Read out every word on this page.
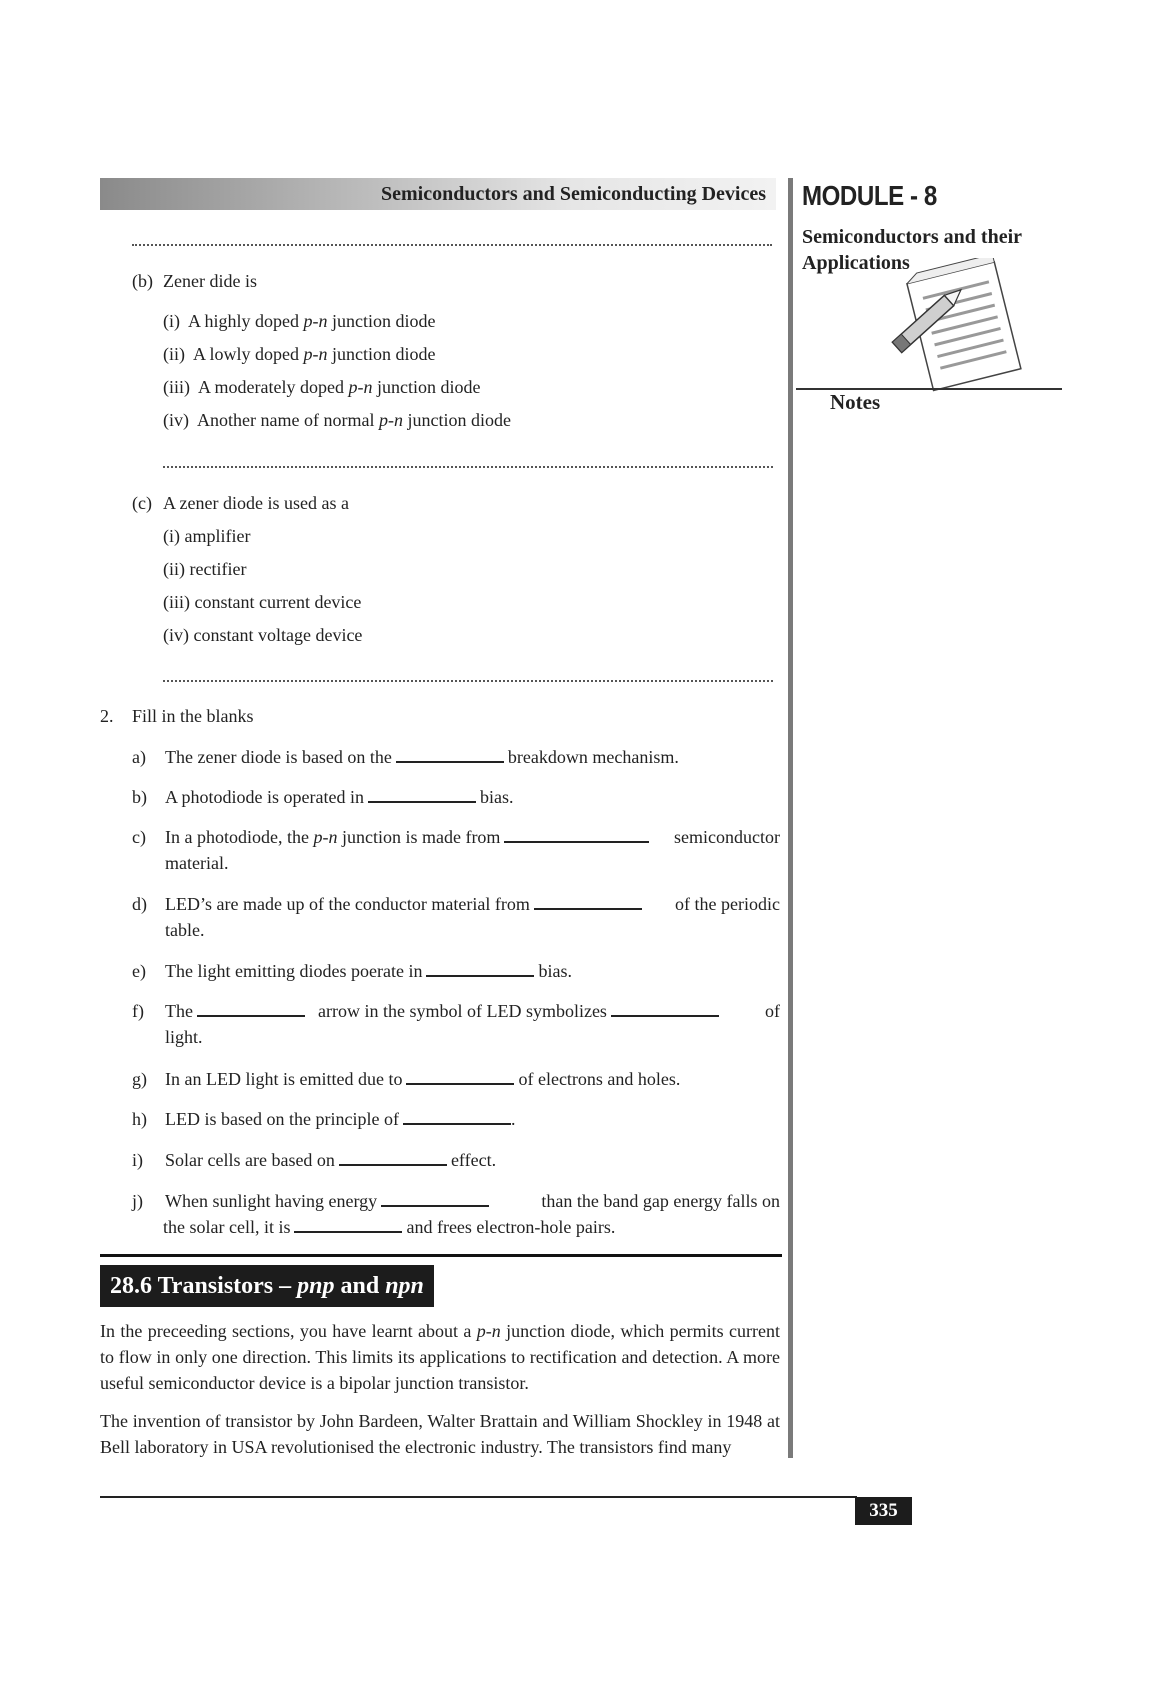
Semiconductors and Semiconducting Devices	MODULE - 8
Semiconductors and their
Applications
Notes
(b) Zener dide is
(i) A highly doped p-n junction diode
(ii) A lowly doped p-n junction diode
(iii) A moderately doped p-n junction diode
(iv) Another name of normal p-n junction diode
(c) A zener diode is used as a
(i) amplifier
(ii) rectifier
(iii) constant current device
(iv) constant voltage device
2. Fill in the blanks
a) The zener diode is based on the	breakdown mechanism.
b) A photodiode is operated in	bias.
c) In a photodiode, the p-n junction is made from	semiconductor
material.
d) LED’s are made up of the conductor material from	of the periodic
table.
e) The light emitting diodes poerate in	bias.
f) The	arrow in the symbol of LED symbolizes	of
light.
g) In an LED light is emitted due to	of electrons and holes.
h) LED is based on the principle of	.
i) Solar cells are based on	effect.
j) When sunlight having energy	than the band gap energy falls on
the solar cell, it is	and frees electron-hole pairs.
28.6 Transistors – pnp and npn
In the preceeding sections, you have learnt about a p-n junction diode, which permits current to flow in only one direction. This limits its applications to rectification and detection. A more useful semiconductor device is a bipolar junction transistor.
The invention of transistor by John Bardeen, Walter Brattain and William Shockley in 1948 at Bell laboratory in USA revolutionised the electronic industry. The transistors find many
335
